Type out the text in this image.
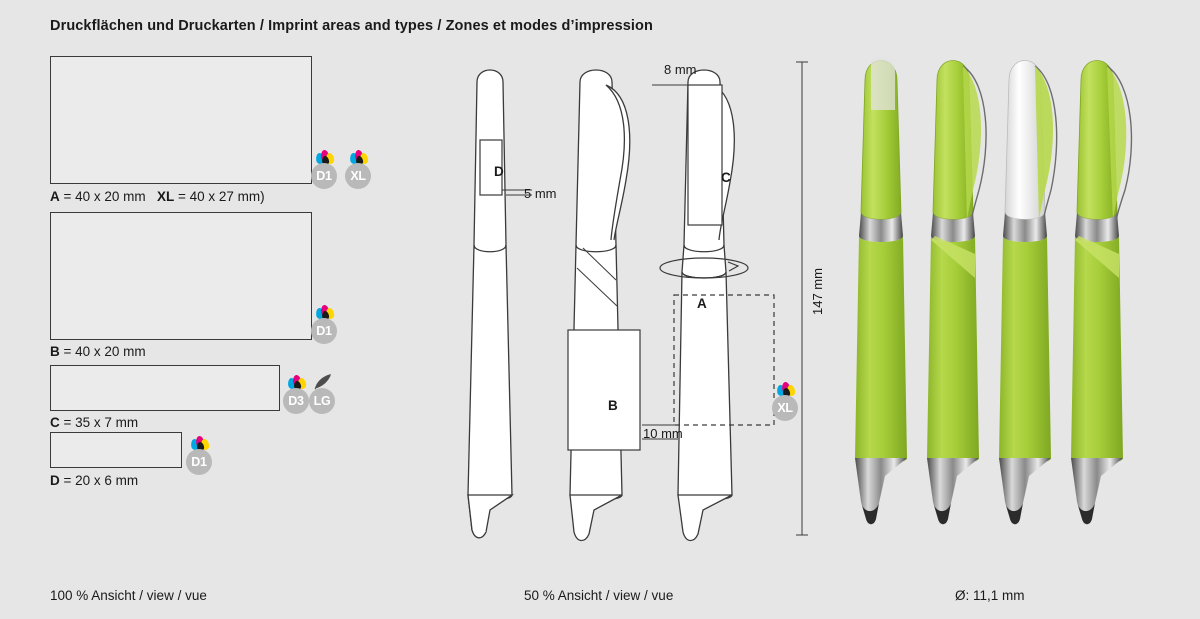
Druckflächen und Druckarten / Imprint areas and types / Zones et modes d’impression
A = 40 x 20 mm XL = 40 x 27 mm)
D1	XL
B = 40 x 20 mm
D1
C = 35 x 7 mm
D3 LG
D = 20 x 6 mm
D1
8 mm
5 mm
10 mm
147 mm
D	C
B
A
XL
100 % Ansicht / view / vue	50 % Ansicht / view / vue	Ø: 11,1 mm
